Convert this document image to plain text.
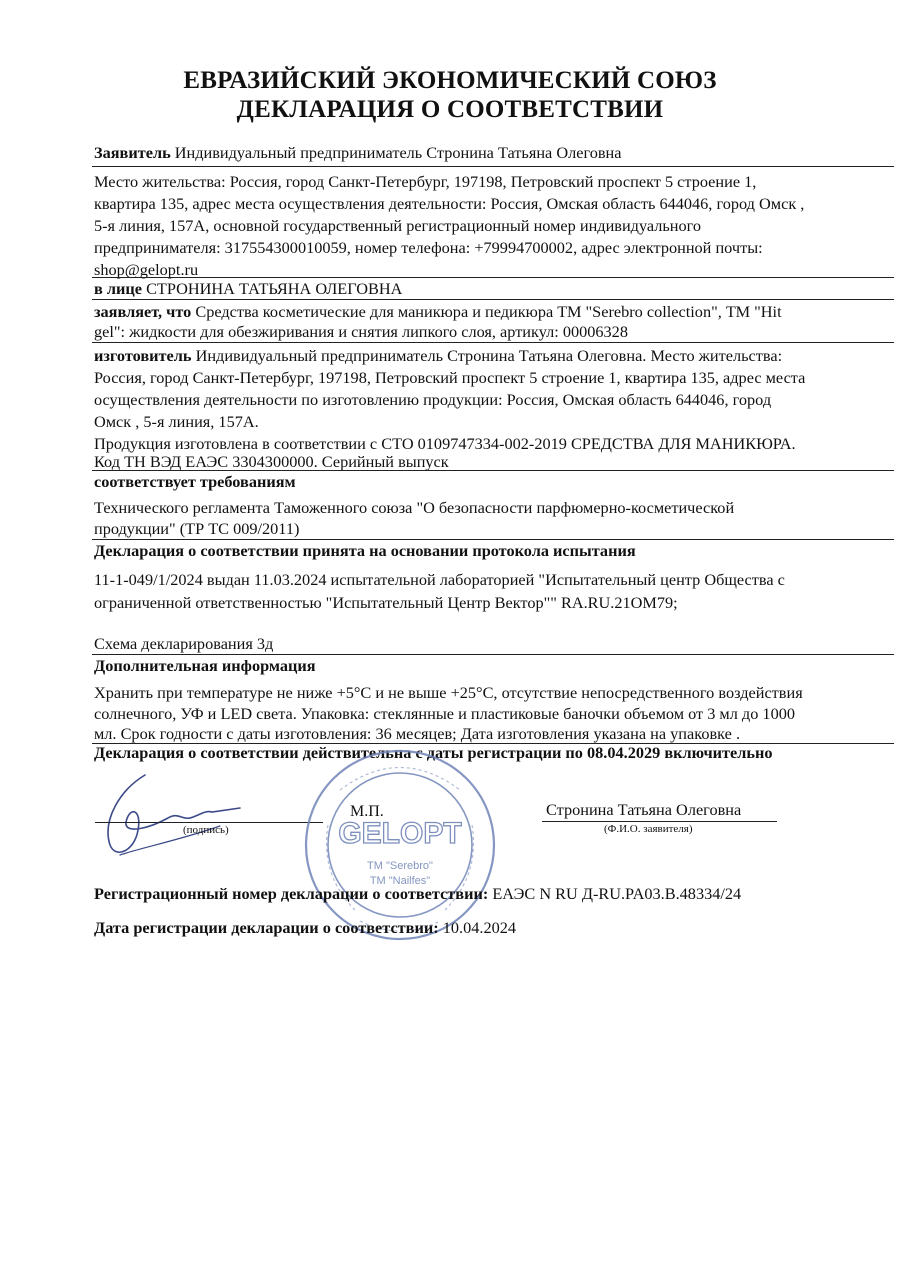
ЕВРАЗИЙСКИЙ ЭКОНОМИЧЕСКИЙ СОЮЗ
ДЕКЛАРАЦИЯ О СООТВЕТСТВИИ
Заявитель Индивидуальный предприниматель Стронина Татьяна Олеговна
Место жительства: Россия, город Санкт-Петербург, 197198, Петровский проспект 5 строение 1,
квартира 135, адрес места осуществления деятельности: Россия, Омская область 644046, город Омск ,
5-я линия, 157А, основной государственный регистрационный номер индивидуального
предпринимателя: 317554300010059, номер телефона: +79994700002, адрес электронной почты:
shop@gelopt.ru
в лице СТРОНИНА ТАТЬЯНА ОЛЕГОВНА
заявляет, что Средства косметические для маникюра и педикюра ТМ "Serebro collection", ТМ "Hit
gel": жидкости для обезжиривания и снятия липкого слоя, артикул: 00006328
изготовитель Индивидуальный предприниматель Стронина Татьяна Олеговна. Место жительства:
Россия, город Санкт-Петербург, 197198, Петровский проспект 5 строение 1, квартира 135, адрес места
осуществления деятельности по изготовлению продукции: Россия, Омская область 644046, город
Омск , 5-я линия, 157А.
Продукция изготовлена в соответствии с СТО 0109747334-002-2019 СРЕДСТВА ДЛЯ МАНИКЮРА.
Код ТН ВЭД ЕАЭС 3304300000. Серийный выпуск
соответствует требованиям
Технического регламента Таможенного союза "О безопасности парфюмерно-косметической
продукции" (ТР ТС 009/2011)
Декларация о соответствии принята на основании протокола испытания
11-1-049/1/2024 выдан 11.03.2024 испытательной лабораторией "Испытательный центр Общества с
ограниченной ответственностью "Испытательный Центр Вектор"" RA.RU.21ОМ79;
Схема декларирования 3д
Дополнительная информация
Хранить при температуре не ниже +5°С и не выше +25°С, отсутствие непосредственного воздействия
солнечного, УФ и LED света. Упаковка: стеклянные и пластиковые баночки объемом от 3 мл до 1000
мл. Срок годности с даты изготовления: 36 месяцев; Дата изготовления указана на упаковке .
Декларация о соответствии действительна с даты регистрации по 08.04.2029 включительно
(подпись)
М.П.	Стронина Татьяна Олеговна
(Ф.И.О. заявителя)
GELOPT
TM "Serebro"
TM "Nailfes"
Регистрационный номер декларации о соответствии: ЕАЭС N RU Д-RU.PA03.B.48334/24
Дата регистрации декларации о соответствии: 10.04.2024
